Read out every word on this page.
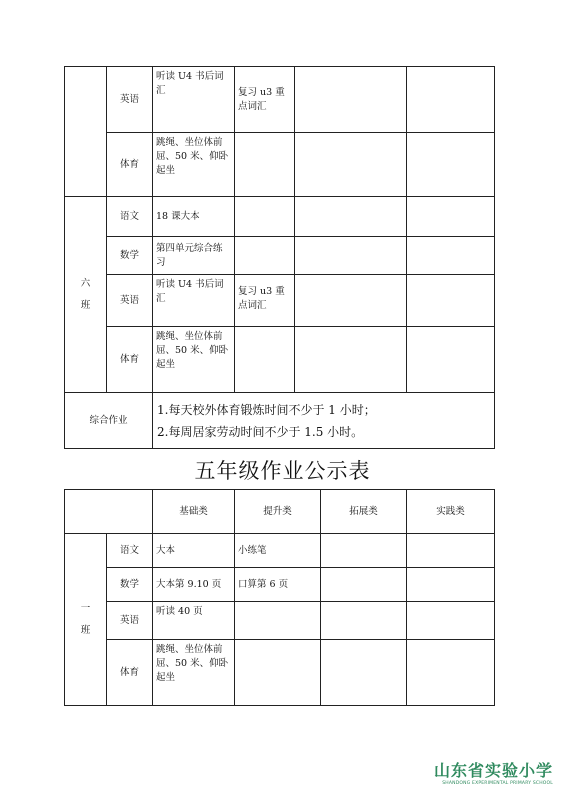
	英语	听读 U4 书后词汇	复习 u3 重点词汇		
	体育	跳绳、坐位体前屈、50 米、仰卧起坐			

六
班	语文	18 课大本			
	数学	第四单元综合练习			
	英语	听读 U4 书后词汇	复习 u3 重点词汇		
	体育	跳绳、坐位体前屈、50 米、仰卧起坐			
综合作业		1.每天校外体育锻炼时间不少于 1 小时；
2.每周居家劳动时间不少于 1.5 小时。			
五年级作业公示表
		基础类	提升类	拓展类	实践类

一
班	语文	大本	小练笔		
	数学	大本第 9.10 页	口算第 6 页		
	英语	听读 40 页			
	体育	跳绳、坐位体前屈、50 米、仰卧起坐			
山东省实验小学
SHANDONG EXPERIMENTAL PRIMARY SCHOOL
